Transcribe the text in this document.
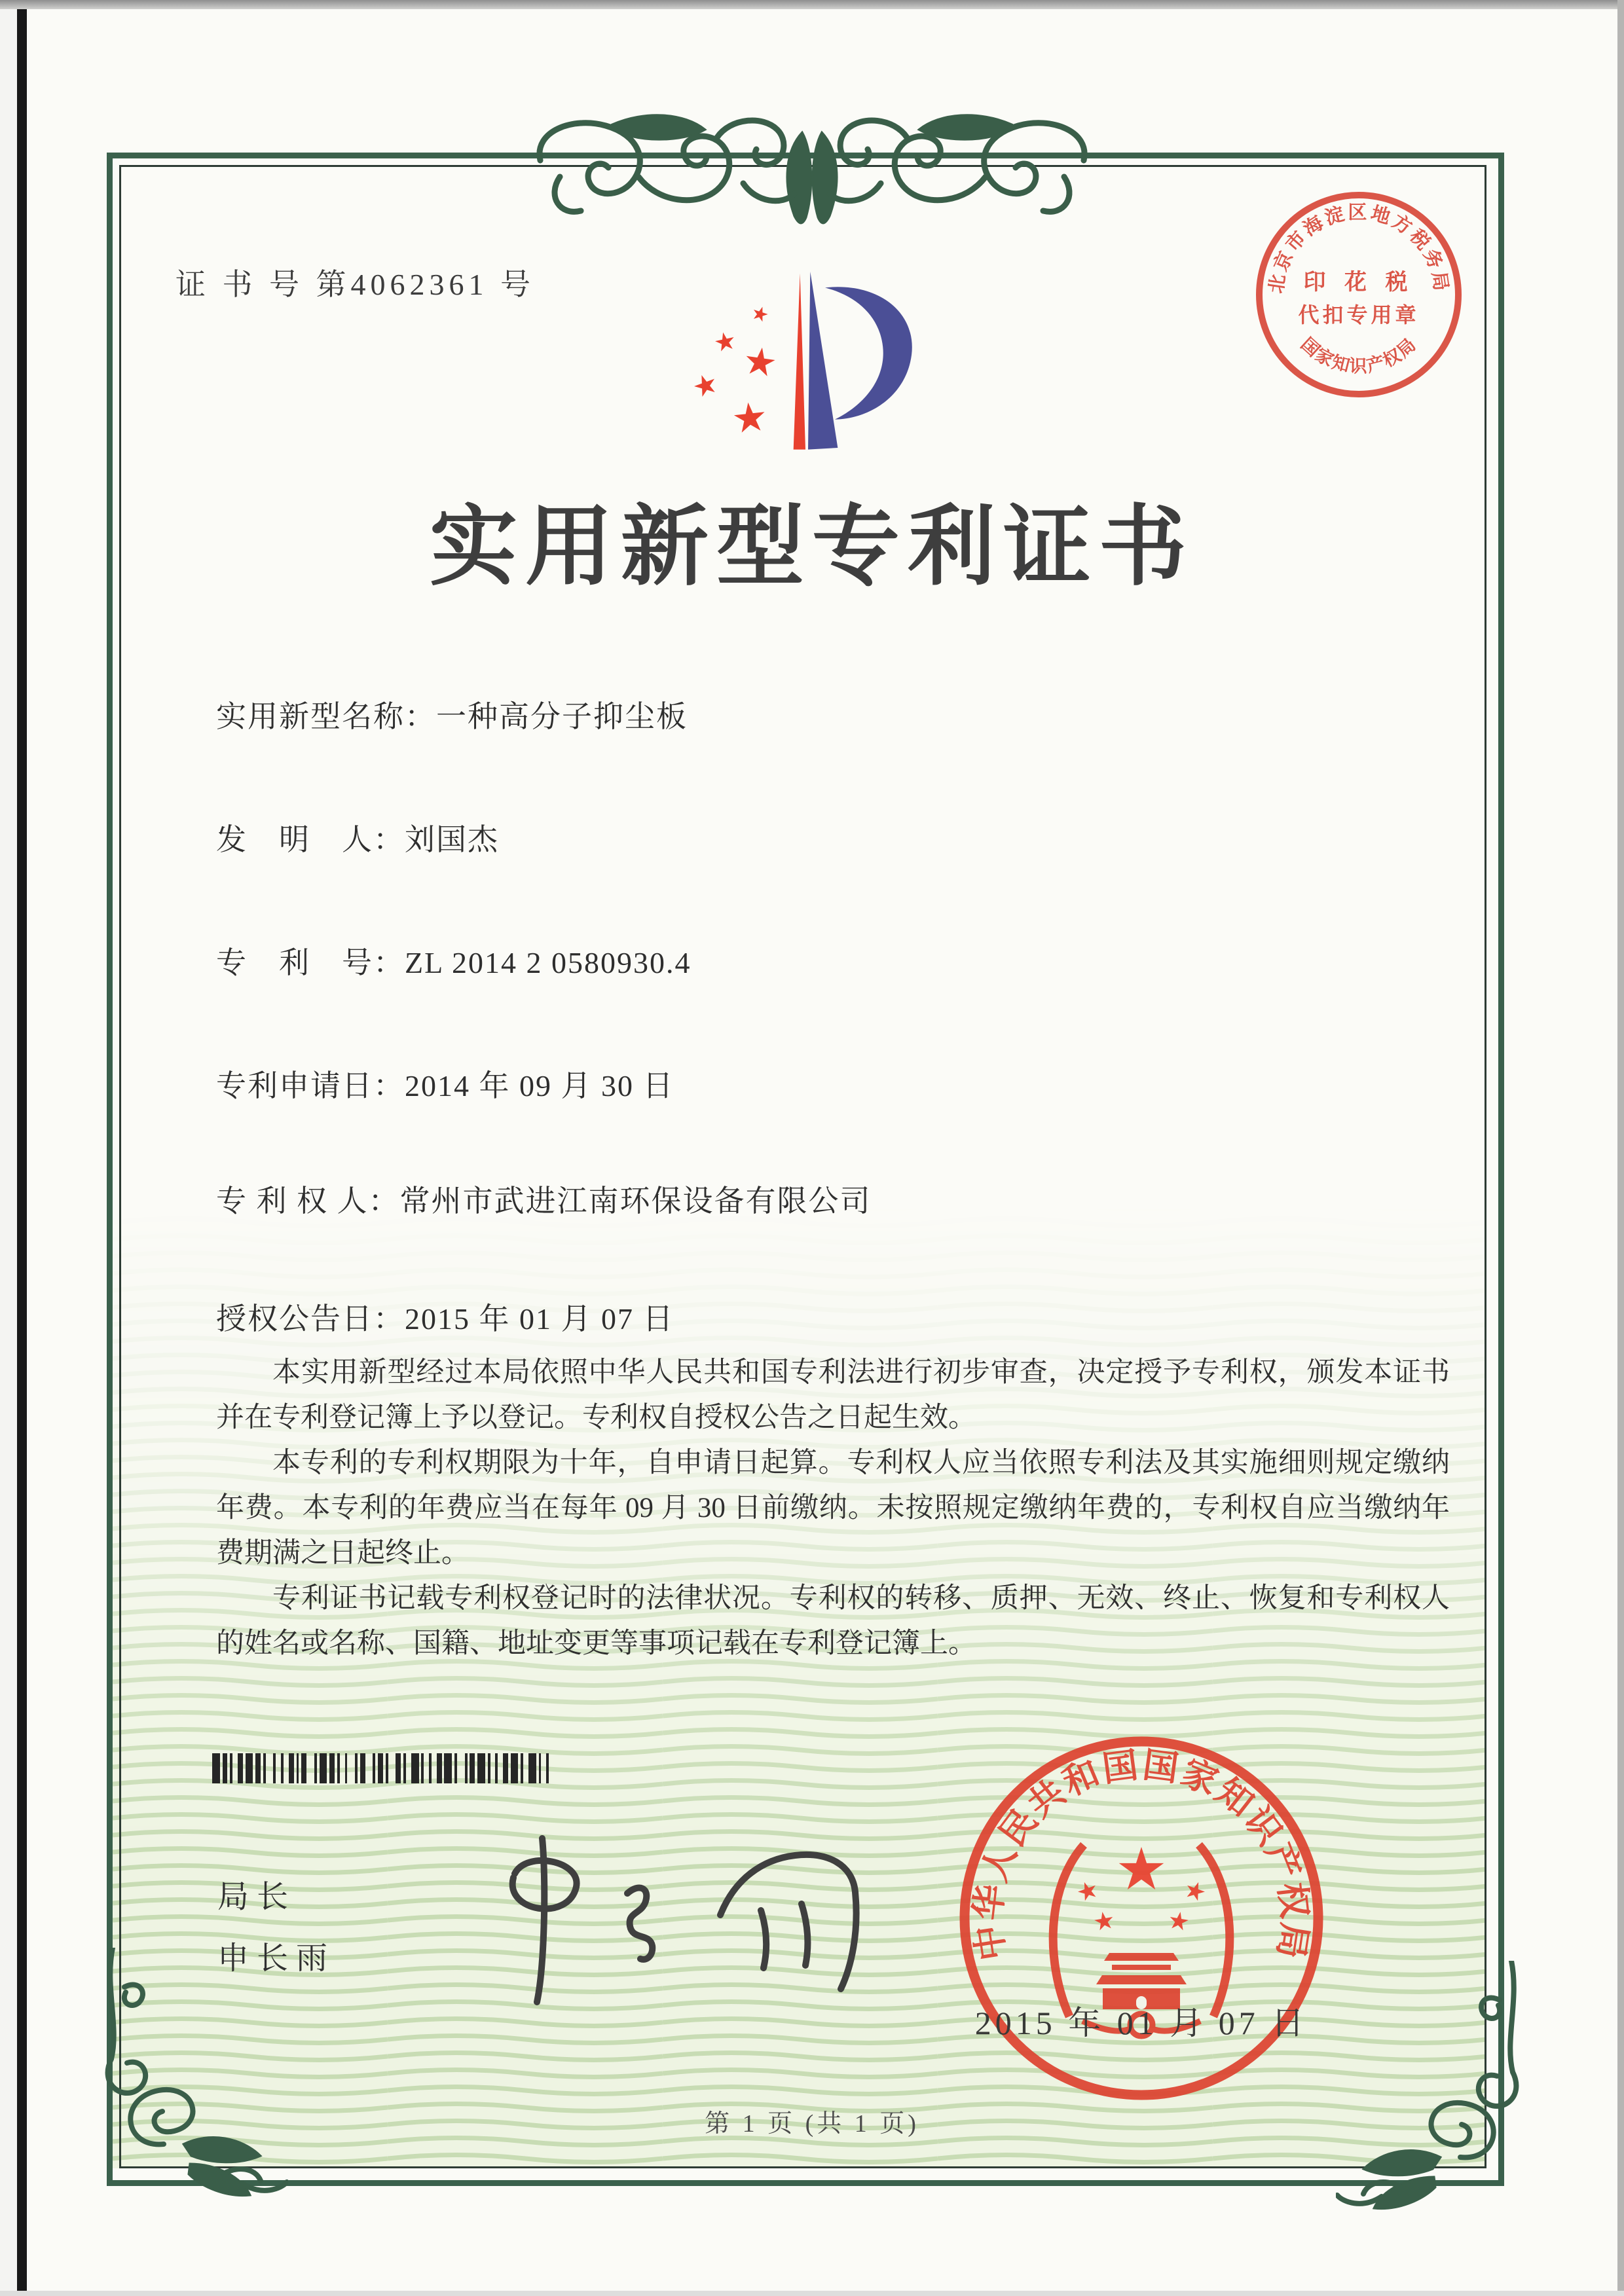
证 书 号 第4062361 号	北京市海淀区地方税务局
印 花 税
代扣专用章
国家知识产权局
实用新型专利证书
实用新型名称：一种高分子抑尘板
发　明　人：刘国杰
专　利　号：ZL 2014 2 0580930.4
专利申请日：2014 年 09 月 30 日
专 利 权 人：常州市武进江南环保设备有限公司
授权公告日：2015 年 01 月 07 日

本实用新型经过本局依照中华人民共和国专利法进行初步审查，决定授予专利权，颁发本证书并在专利登记簿上予以登记。专利权自授权公告之日起生效。

本专利的专利权期限为十年，自申请日起算。专利权人应当依照专利法及其实施细则规定缴纳年费。本专利的年费应当在每年 09 月 30 日前缴纳。未按照规定缴纳年费的，专利权自应当缴纳年费期满之日起终止。

专利证书记载专利权登记时的法律状况。专利权的转移、质押、无效、终止、恢复和专利权人的姓名或名称、国籍、地址变更等事项记载在专利登记簿上。

局长
申长雨	中华人民共和国国家知识产权局
2015 年 01 月 07 日
第 1 页 (共 1 页)
